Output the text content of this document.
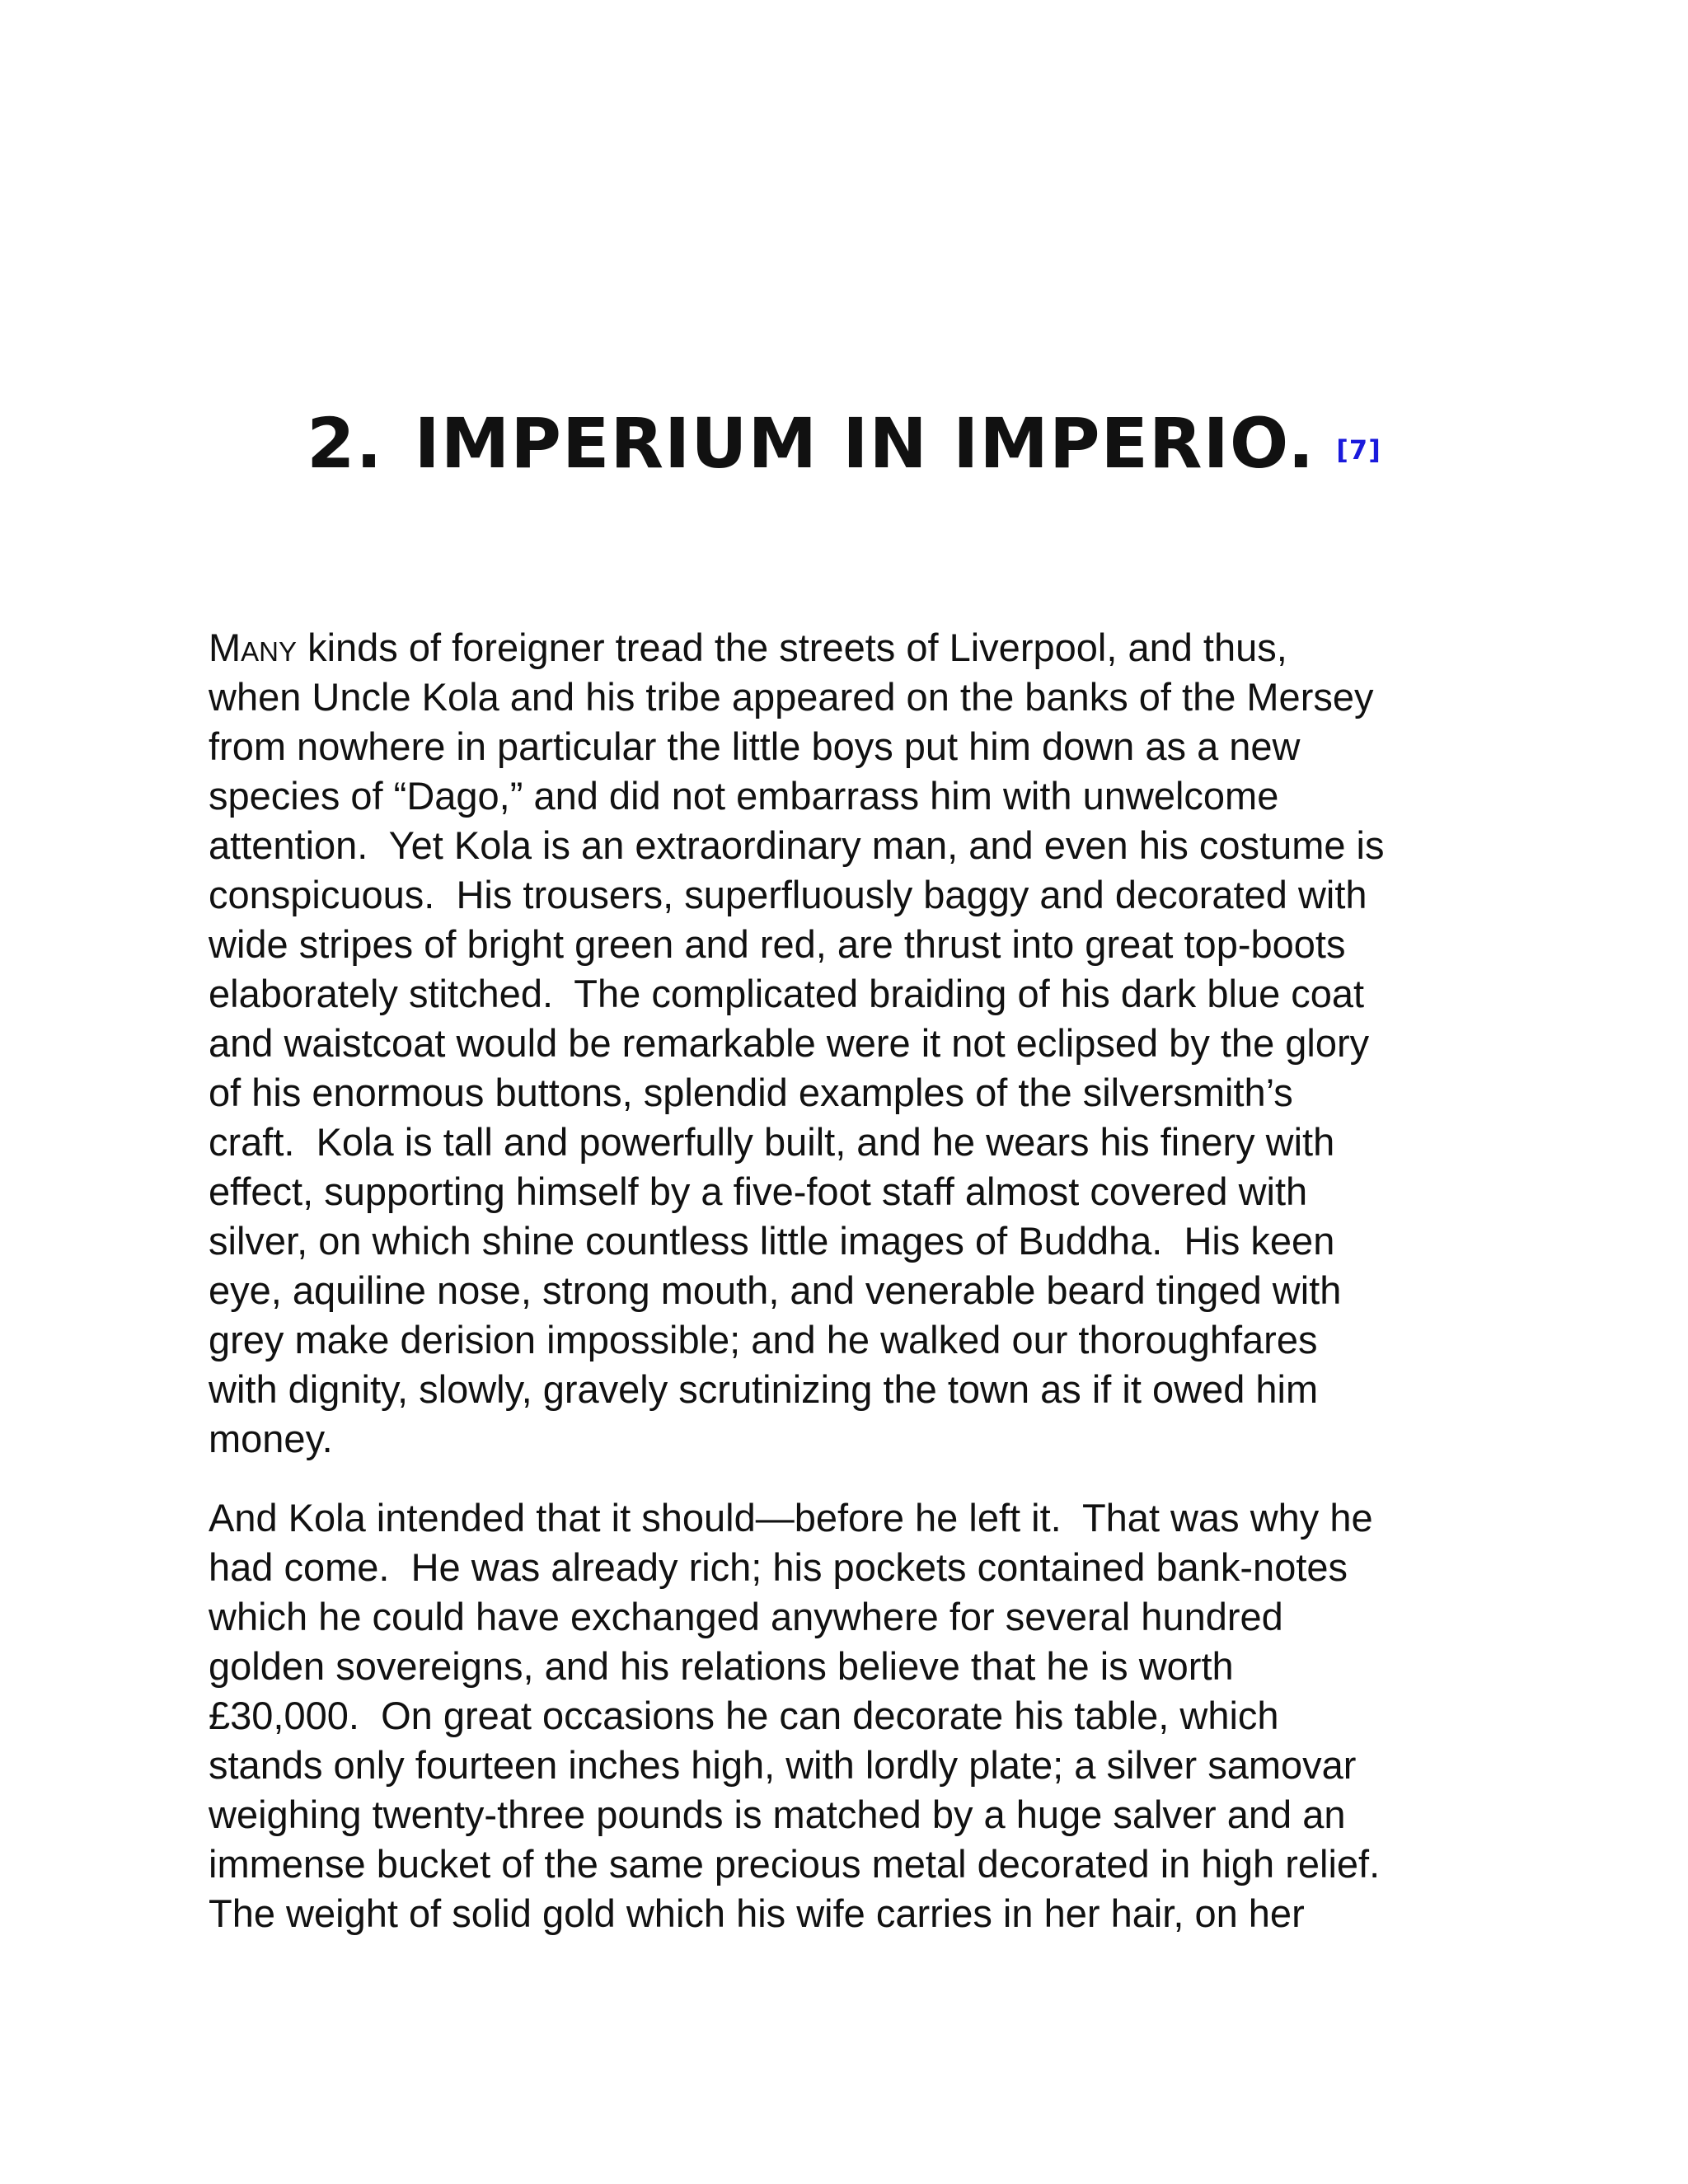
2. IMPERIUM IN IMPERIO. [7]

Many kinds of foreigner tread the streets of Liverpool, and thus,
when Uncle Kola and his tribe appeared on the banks of the Mersey
from nowhere in particular the little boys put him down as a new
species of “Dago,” and did not embarrass him with unwelcome
attention.  Yet Kola is an extraordinary man, and even his costume is
conspicuous.  His trousers, superfluously baggy and decorated with
wide stripes of bright green and red, are thrust into great top-boots
elaborately stitched.  The complicated braiding of his dark blue coat
and waistcoat would be remarkable were it not eclipsed by the glory
of his enormous buttons, splendid examples of the silversmith’s
craft.  Kola is tall and powerfully built, and he wears his finery with
effect, supporting himself by a five-foot staff almost covered with
silver, on which shine countless little images of Buddha.  His keen
eye, aquiline nose, strong mouth, and venerable beard tinged with
grey make derision impossible; and he walked our thoroughfares
with dignity, slowly, gravely scrutinizing the town as if it owed him
money.

And Kola intended that it should—before he left it.  That was why he
had come.  He was already rich; his pockets contained bank-notes
which he could have exchanged anywhere for several hundred
golden sovereigns, and his relations believe that he is worth
£30,000.  On great occasions he can decorate his table, which
stands only fourteen inches high, with lordly plate; a silver samovar
weighing twenty-three pounds is matched by a huge salver and an
immense bucket of the same precious metal decorated in high relief.
The weight of solid gold which his wife carries in her hair, on her
